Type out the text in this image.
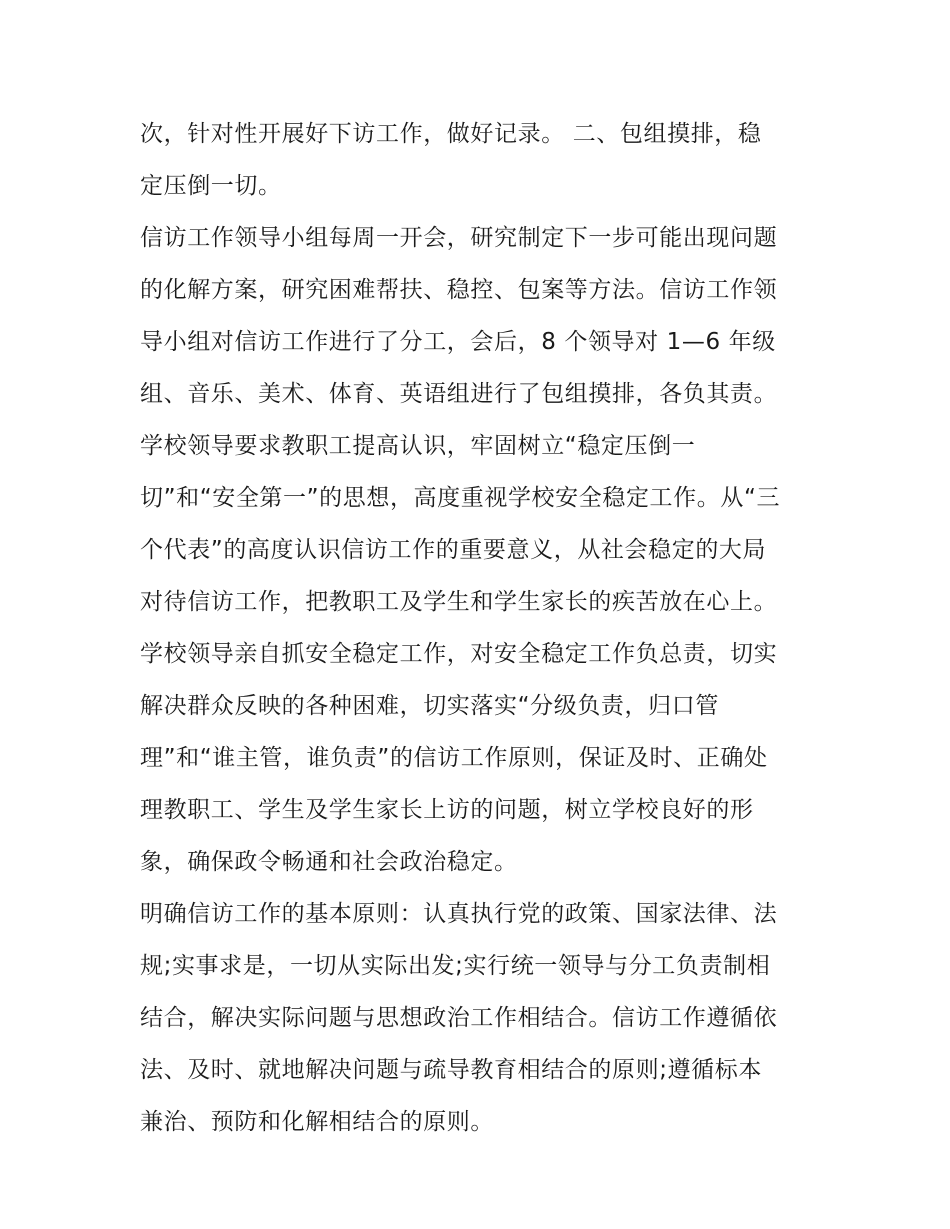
次，针对性开展好下访工作，做好记录。 二、包组摸排，稳
定压倒一切。
信访工作领导小组每周一开会，研究制定下一步可能出现问题
的化解方案，研究困难帮扶、稳控、包案等方法。信访工作领
导小组对信访工作进行了分工，会后，8 个领导对 1—6 年级
组、音乐、美术、体育、英语组进行了包组摸排，各负其责。
学校领导要求教职工提高认识，牢固树立“稳定压倒一
切”和“安全第一”的思想，高度重视学校安全稳定工作。从“三
个代表”的高度认识信访工作的重要意义，从社会稳定的大局
对待信访工作，把教职工及学生和学生家长的疾苦放在心上。
学校领导亲自抓安全稳定工作，对安全稳定工作负总责，切实
解决群众反映的各种困难，切实落实“分级负责，归口管
理”和“谁主管，谁负责”的信访工作原则，保证及时、正确处
理教职工、学生及学生家长上访的问题，树立学校良好的形
象，确保政令畅通和社会政治稳定。
明确信访工作的基本原则：认真执行党的政策、国家法律、法
规;实事求是，一切从实际出发;实行统一领导与分工负责制相
结合，解决实际问题与思想政治工作相结合。信访工作遵循依
法、及时、就地解决问题与疏导教育相结合的原则;遵循标本
兼治、预防和化解相结合的原则。
